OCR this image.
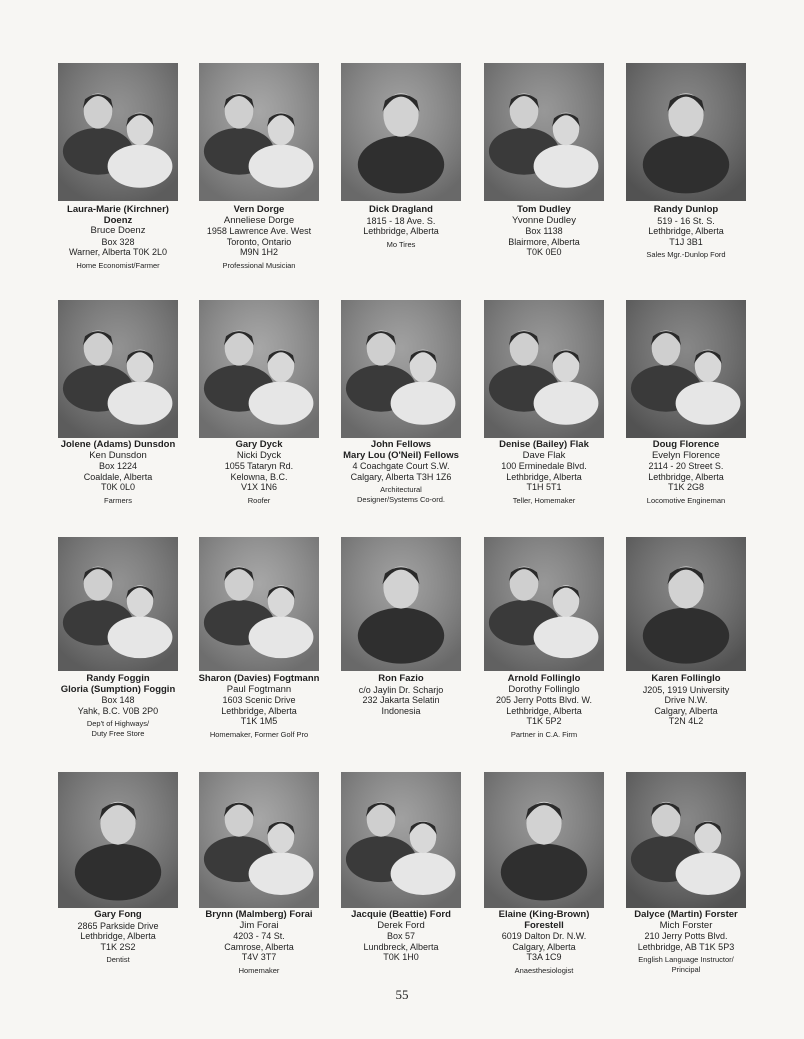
Laura-Marie (Kirchner)
Doenz
Bruce Doenz
Box 328
Warner, Alberta T0K 2L0
Home Economist/Farmer
Vern Dorge
Anneliese Dorge
1958 Lawrence Ave. West
Toronto, Ontario
M9N 1H2
Professional Musician
Dick Dragland
1815 - 18 Ave. S.
Lethbridge, Alberta
Mo Tires
Tom Dudley
Yvonne Dudley
Box 1138
Blairmore, Alberta
T0K 0E0
Randy Dunlop
519 - 16 St. S.
Lethbridge, Alberta
T1J 3B1
Sales Mgr.-Dunlop Ford
Jolene (Adams) Dunsdon
Ken Dunsdon
Box 1224
Coaldale, Alberta
T0K 0L0
Farmers
Gary Dyck
Nicki Dyck
1055 Tataryn Rd.
Kelowna, B.C.
V1X 1N6
Roofer
John Fellows
Mary Lou (O'Neil) Fellows
4 Coachgate Court S.W.
Calgary, Alberta T3H 1Z6
Architectural
Designer/Systems Co-ord.
Denise (Bailey) Flak
Dave Flak
100 Erminedale Blvd.
Lethbridge, Alberta
T1H 5T1
Teller, Homemaker
Doug Florence
Evelyn Florence
2114 - 20 Street S.
Lethbridge, Alberta
T1K 2G8
Locomotive Engineman
Randy Foggin
Gloria (Sumption) Foggin
Box 148
Yahk, B.C. V0B 2P0
Dep't of Highways/
Duty Free Store
Sharon (Davies) Fogtmann
Paul Fogtmann
1603 Scenic Drive
Lethbridge, Alberta
T1K 1M5
Homemaker, Former Golf Pro
Ron Fazio
c/o Jaylin Dr. Scharjo
232 Jakarta Selatin
Indonesia
Arnold Follinglo
Dorothy Follinglo
205 Jerry Potts Blvd. W.
Lethbridge, Alberta
T1K 5P2
Partner in C.A. Firm
Karen Follinglo
J205, 1919 University
Drive N.W.
Calgary, Alberta
T2N 4L2
Gary Fong
2865 Parkside Drive
Lethbridge, Alberta
T1K 2S2
Dentist
Brynn (Malmberg) Forai
Jim Forai
4203 - 74 St.
Camrose, Alberta
T4V 3T7
Homemaker
Jacquie (Beattie) Ford
Derek Ford
Box 57
Lundbreck, Alberta
T0K 1H0
Elaine (King-Brown)
Forestell
6019 Dalton Dr. N.W.
Calgary, Alberta
T3A 1C9
Anaesthesiologist
Dalyce (Martin) Forster
Mich Forster
210 Jerry Potts Blvd.
Lethbridge, AB T1K 5P3
English Language Instructor/
Principal
55
